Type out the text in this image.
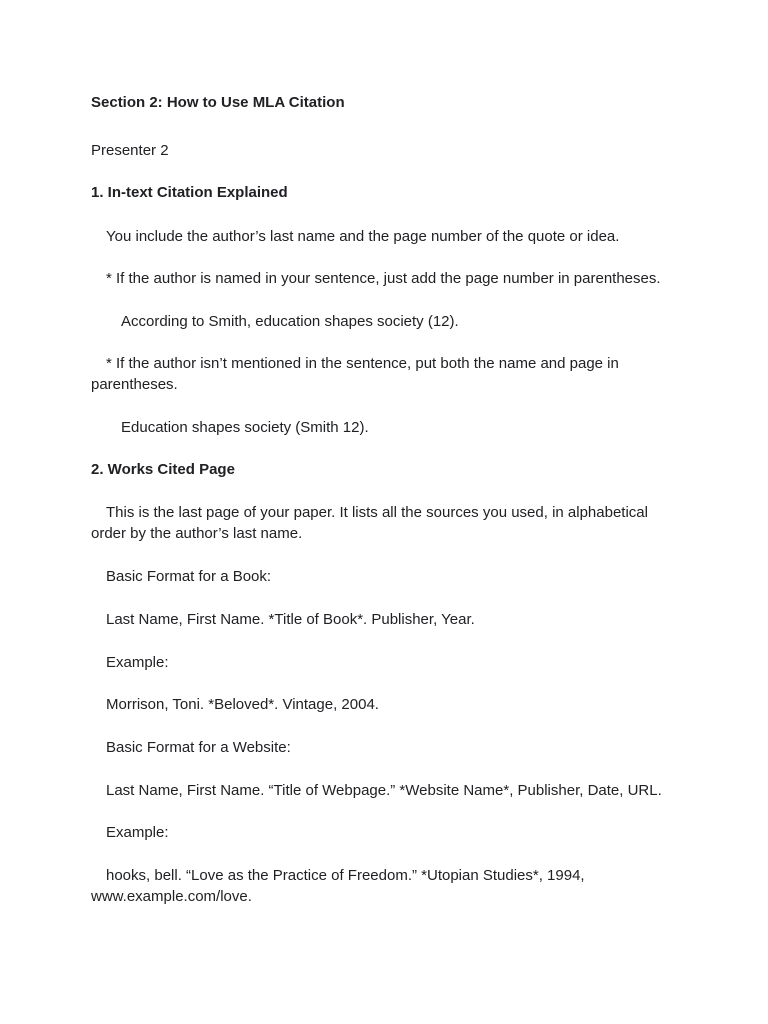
Section 2: How to Use MLA Citation
Presenter 2
1. In-text Citation Explained
You include the author’s last name and the page number of the quote or idea.
* If the author is named in your sentence, just add the page number in parentheses.
According to Smith, education shapes society (12).
* If the author isn’t mentioned in the sentence, put both the name and page in parentheses.
Education shapes society (Smith 12).
2. Works Cited Page
This is the last page of your paper. It lists all the sources you used, in alphabetical order by the author’s last name.
Basic Format for a Book:
Last Name, First Name. *Title of Book*. Publisher, Year.
Example:
Morrison, Toni. *Beloved*. Vintage, 2004.
Basic Format for a Website:
Last Name, First Name. “Title of Webpage.” *Website Name*, Publisher, Date, URL.
Example:
hooks, bell. “Love as the Practice of Freedom.” *Utopian Studies*, 1994, www.example.com/love.
